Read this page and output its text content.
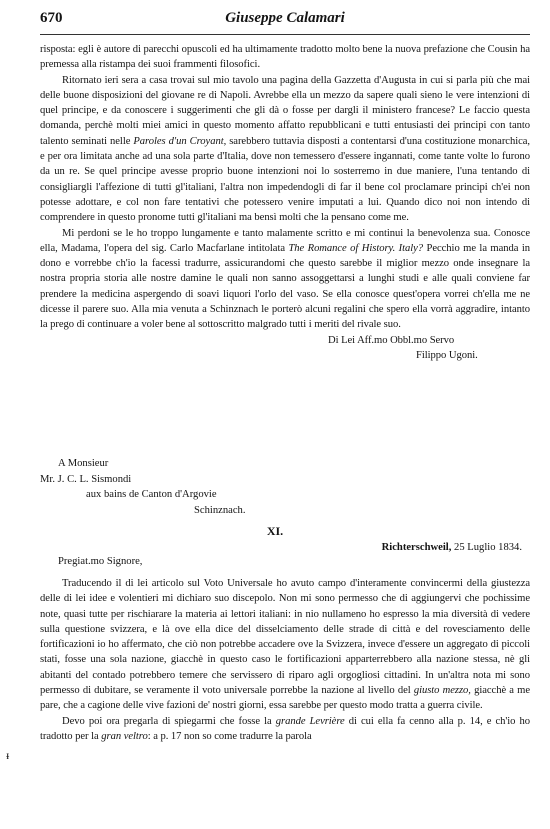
670	Giuseppe Calamari

risposta: egli è autore di parecchi opuscoli ed ha ultimamente tradotto molto bene la nuova prefazione che Cousin ha premessa alla ristampa dei suoi frammenti filosofici.

Ritornato ieri sera a casa trovai sul mio tavolo una pagina della Gazzetta d'Augusta in cui si parla più che mai delle buone disposizioni del giovane re di Napoli. Avrebbe ella un mezzo da sapere quali sieno le vere intenzioni di quel principe, e da conoscere i suggerimenti che gli dà o fosse per dargli il ministero francese? Le faccio questa domanda, perchè molti miei amici in questo momento affatto repubblicani e tutti entusiasti dei principi con tanto talento seminati nelle Paroles d'un Croyant, sarebbero tuttavia disposti a contentarsi d'una costituzione monarchica, e per ora limitata anche ad una sola parte d'Italia, dove non temessero d'essere ingannati, come tante volte lo furono da un re. Se quel principe avesse proprio buone intenzioni noi lo sosterremo in due maniere, l'una tentando di consigliargli l'affezione di tutti gl'italiani, l'altra non impedendogli di far il bene col proclamare principi ch'ei non potesse adottare, e col non fare tentativi che potessero venire imputati a lui. Quando dico noi non intendo di comprendere in questo pronome tutti gl'italiani ma bensì molti che la pensano come me.

Mi perdoni se le ho troppo lungamente e tanto malamente scritto e mi continui la benevolenza sua. Conosce ella, Madama, l'opera del sig. Carlo Macfarlane intitolata The Romance of History. Italy? Pecchio me la manda in dono e vorrebbe ch'io la facessi tradurre, assicurandomi che questo sarebbe il miglior mezzo onde insegnare la nostra propria storia alle nostre damine le quali non sanno assoggettarsi a lunghi studi e alle quali conviene far prendere la medicina aspergendo di soavi liquori l'orlo del vaso. Se ella conosce quest'opera vorrei ch'ella me ne dicesse il parere suo. Alla mia venuta a Schinznach le porterò alcuni regalini che spero ella vorrà aggradire, intanto la prego di continuare a voler bene al sottoscritto malgrado tutti i meriti del rivale suo.

Di Lei Aff.mo Obbl.mo Servo
Filippo Ugoni.
A Monsieur
Mr. J. C. L. Sismondi
aux bains de Canton d'Argovie
Schinznach.
XI.
Richterschweil, 25 Luglio 1834.
Pregiat.mo Signore,

Traducendo il di lei articolo sul Voto Universale ho avuto campo d'interamente convincermi della giustezza delle di lei idee e volentieri mi dichiaro suo discepolo. Non mi sono permesso che di aggiungervi che pochissime note, quasi tutte per rischiarare la materia ai lettori italiani: in nio nullameno ho espresso la mia diversità di vedere sulla questione svizzera, e là ove ella dice del disselciamento delle strade di città e del rovesciamento delle fortificazioni io ho affermato, che ciò non potrebbe accadere ove la Svizzera, invece d'essere un aggregato di piccoli stati, fosse una sola nazione, giacchè in questo caso le fortificazioni apparterrebbero alla nazione stessa, nè gli abitanti del contado potrebbero temere che servissero di riparo agli orgogliosi cittadini. In un'altra nota mi sono permesso di dubitare, se veramente il voto universale porrebbe la nazione al livello del giusto mezzo, giacchè a me pare, che a cagione delle vive fazioni de' nostri giorni, essa sarebbe per questo modo tratta a guerra civile.

Devo poi ora pregarla di spiegarmi che fosse la grande Levrière di cui ella fa cenno alla p. 14, e ch'io ho tradotto per la gran veltro: a p. 17 non so come tradurre la parola

ᵻ
